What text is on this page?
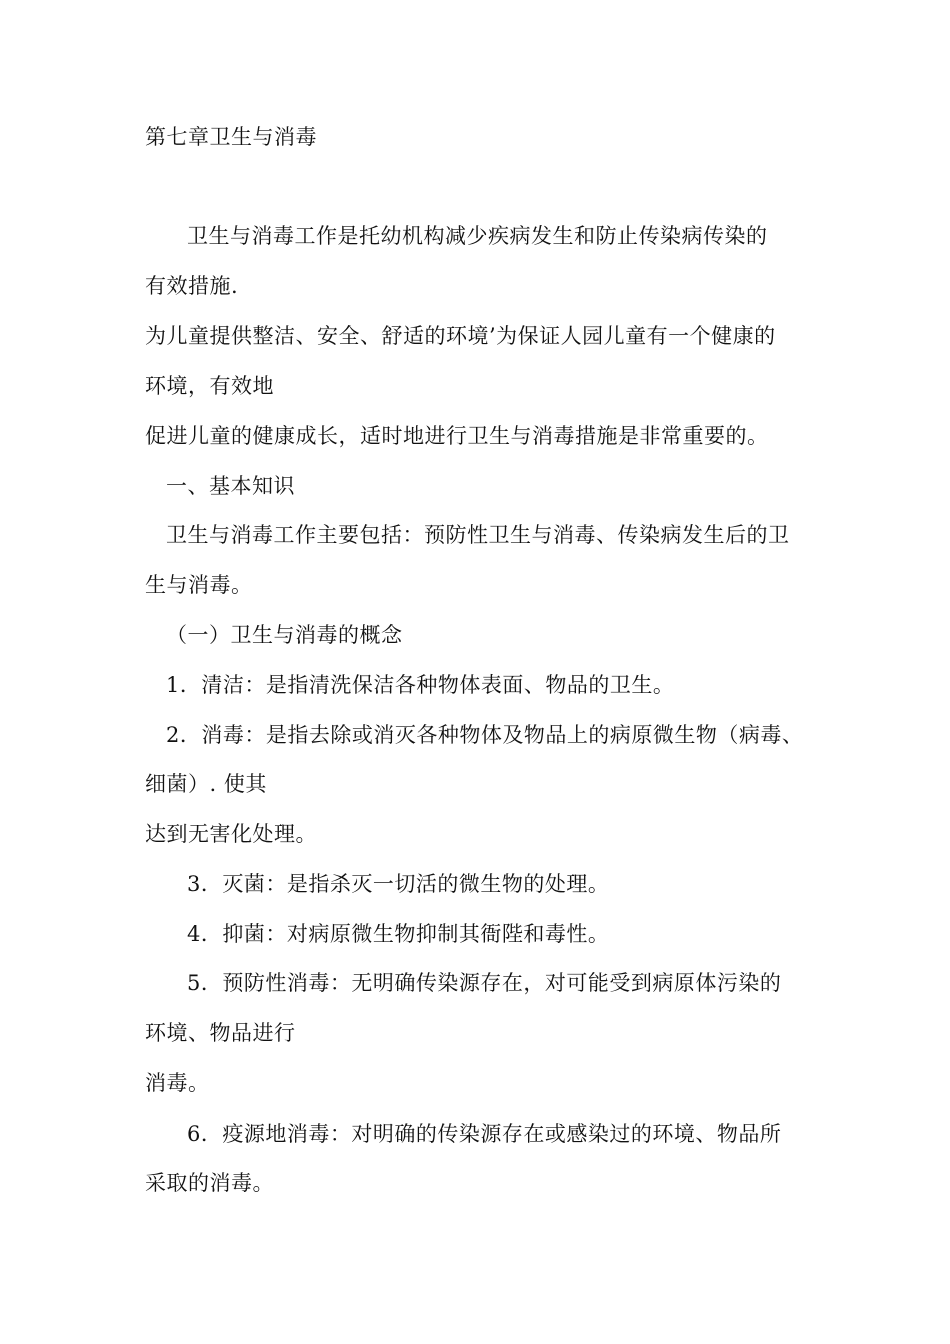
第七章卫生与消毒
卫生与消毒工作是托幼机构减少疾病发生和防止传染病传染的
有效措施.
为儿童提供整洁、安全、舒适的环境’为保证人园儿童有一个健康的
环境，有效地
促进儿童的健康成长，适时地进行卫生与消毒措施是非常重要的。
一、基本知识
卫生与消毒工作主要包括：预防性卫生与消毒、传染病发生后的卫
生与消毒。
（一）卫生与消毒的概念
1．清洁：是指清洗保洁各种物体表面、物品的卫生。
2．消毒：是指去除或消灭各种物体及物品上的病原微生物（病毒、
细菌）. 使其
达到无害化处理。
3．灭菌：是指杀灭一切活的微生物的处理。
4．抑菌：对病原微生物抑制其衙陛和毒性。
5．预防性消毒：无明确传染源存在，对可能受到病原体污染的
环境、物品进行
消毒。
6．疫源地消毒：对明确的传染源存在或感染过的环境、物品所
采取的消毒。
